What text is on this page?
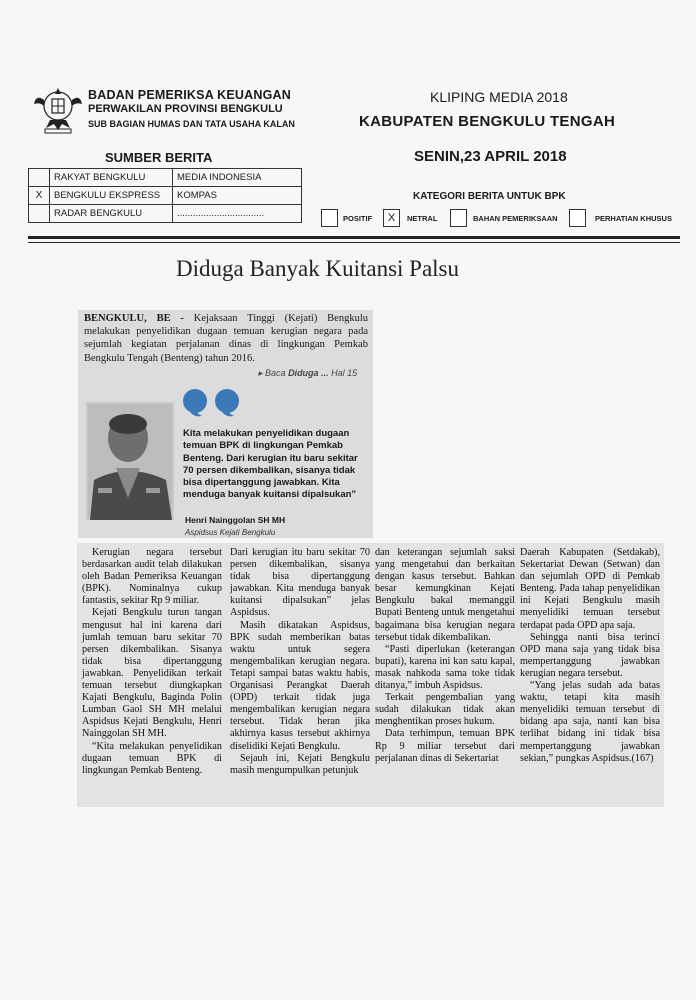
BADAN PEMERIKSA KEUANGAN
PERWAKILAN PROVINSI BENGKULU
SUB BAGIAN HUMAS DAN TATA USAHA KALAN
KLIPING MEDIA 2018
KABUPATEN BENGKULU TENGAH
SUMBER BERITA	SENIN,23 APRIL 2018
KATEGORI BERITA UNTUK BPK
	RAKYAT BENGKULU	MEDIA INDONESIA
X	BENGKULU EKSPRESS	KOMPAS
	RADAR BENGKULU	.................................	POSITIF	X	NETRAL	BAHAN PEMERIKSAAN	PERHATIAN KHUSUS
Diduga Banyak Kuitansi Palsu
BENGKULU, BE - Kejaksaan Tinggi (Kejati) Bengkulu melakukan penyelidikan dugaan temuan kerugian negara pada sejumlah kegiatan perjalanan dinas di lingkungan Pemkab Bengkulu Tengah (Benteng) tahun 2016.
▸ Baca Diduga ... Hal 15
Kita melakukan penyelidikan dugaan temuan BPK di lingkungan Pemkab Benteng. Dari kerugian itu baru sekitar 70 persen dikembalikan, sisanya tidak bisa dipertanggung jawabkan. Kita menduga banyak kuitansi dipalsukan”
Henri Nainggolan SH MH
Aspidsus Kejati Bengkulu

Kerugian negara tersebut berdasarkan audit telah dilakukan oleh Badan Pemeriksa Keuangan (BPK). Nominalnya cukup fantastis, sekitar Rp 9 miliar.

Kejati Bengkulu turun tangan mengusut hal ini karena dari jumlah temuan baru sekitar 70 persen dikembalikan. Sisanya tidak bisa dipertanggung jawabkan. Penyelidikan terkait temuan tersebut diungkapkan Kajati Bengkulu, Baginda Polin Lumban Gaol SH MH melalui Aspidsus Kejati Bengkulu, Henri Nainggolan SH MH.

“Kita melakukan penyelidikan dugaan temuan BPK di lingkungan Pemkab Benteng.

Dari kerugian itu baru sekitar 70 persen dikembalikan, sisanya tidak bisa dipertanggung jawabkan. Kita menduga banyak kuitansi dipalsukan” jelas Aspidsus.

Masih dikatakan Aspidsus, BPK sudah memberikan batas waktu untuk segera mengembalikan kerugian negara. Tetapi sampai batas waktu habis, Organisasi Perangkat Daerah (OPD) terkait tidak juga mengembalikan kerugian negara tersebut. Tidak heran jika akhirnya kasus tersebut akhirnya diselidiki Kejati Bengkulu.

Sejauh ini, Kejati Bengkulu masih mengumpulkan petunjuk

dan keterangan sejumlah saksi yang mengetahui dan berkaitan dengan kasus tersebut. Bahkan besar kemungkinan Kejati Bengkulu bakal memanggil Bupati Benteng untuk mengetahui bagaimana bisa kerugian negara tersebut tidak dikembalikan.

“Pasti diperlukan (keterangan bupati), karena ini kan satu kapal, masak nahkoda sama toke tidak ditanya,” imbuh Aspidsus.

Terkait pengembalian yang sudah dilakukan tidak akan menghentikan proses hukum.

Data terhimpun, temuan BPK Rp 9 miliar tersebut dari perjalanan dinas di Sekertariat

Daerah Kabupaten (Setdakab), Sekertariat Dewan (Setwan) dan dan sejumlah OPD di Pemkab Benteng. Pada tahap penyelidikan ini Kejati Bengkulu masih menyelidiki temuan tersebut terdapat pada OPD apa saja.

Sehingga nanti bisa terinci OPD mana saja yang tidak bisa mempertanggung jawabkan kerugian negara tersebut.

“Yang jelas sudah ada batas waktu, tetapi kita masih menyelidiki temuan tersebut di bidang apa saja, nanti kan bisa terlihat bidang ini tidak bisa mempertanggung jawabkan sekian,” pungkas Aspidsus.(167)
